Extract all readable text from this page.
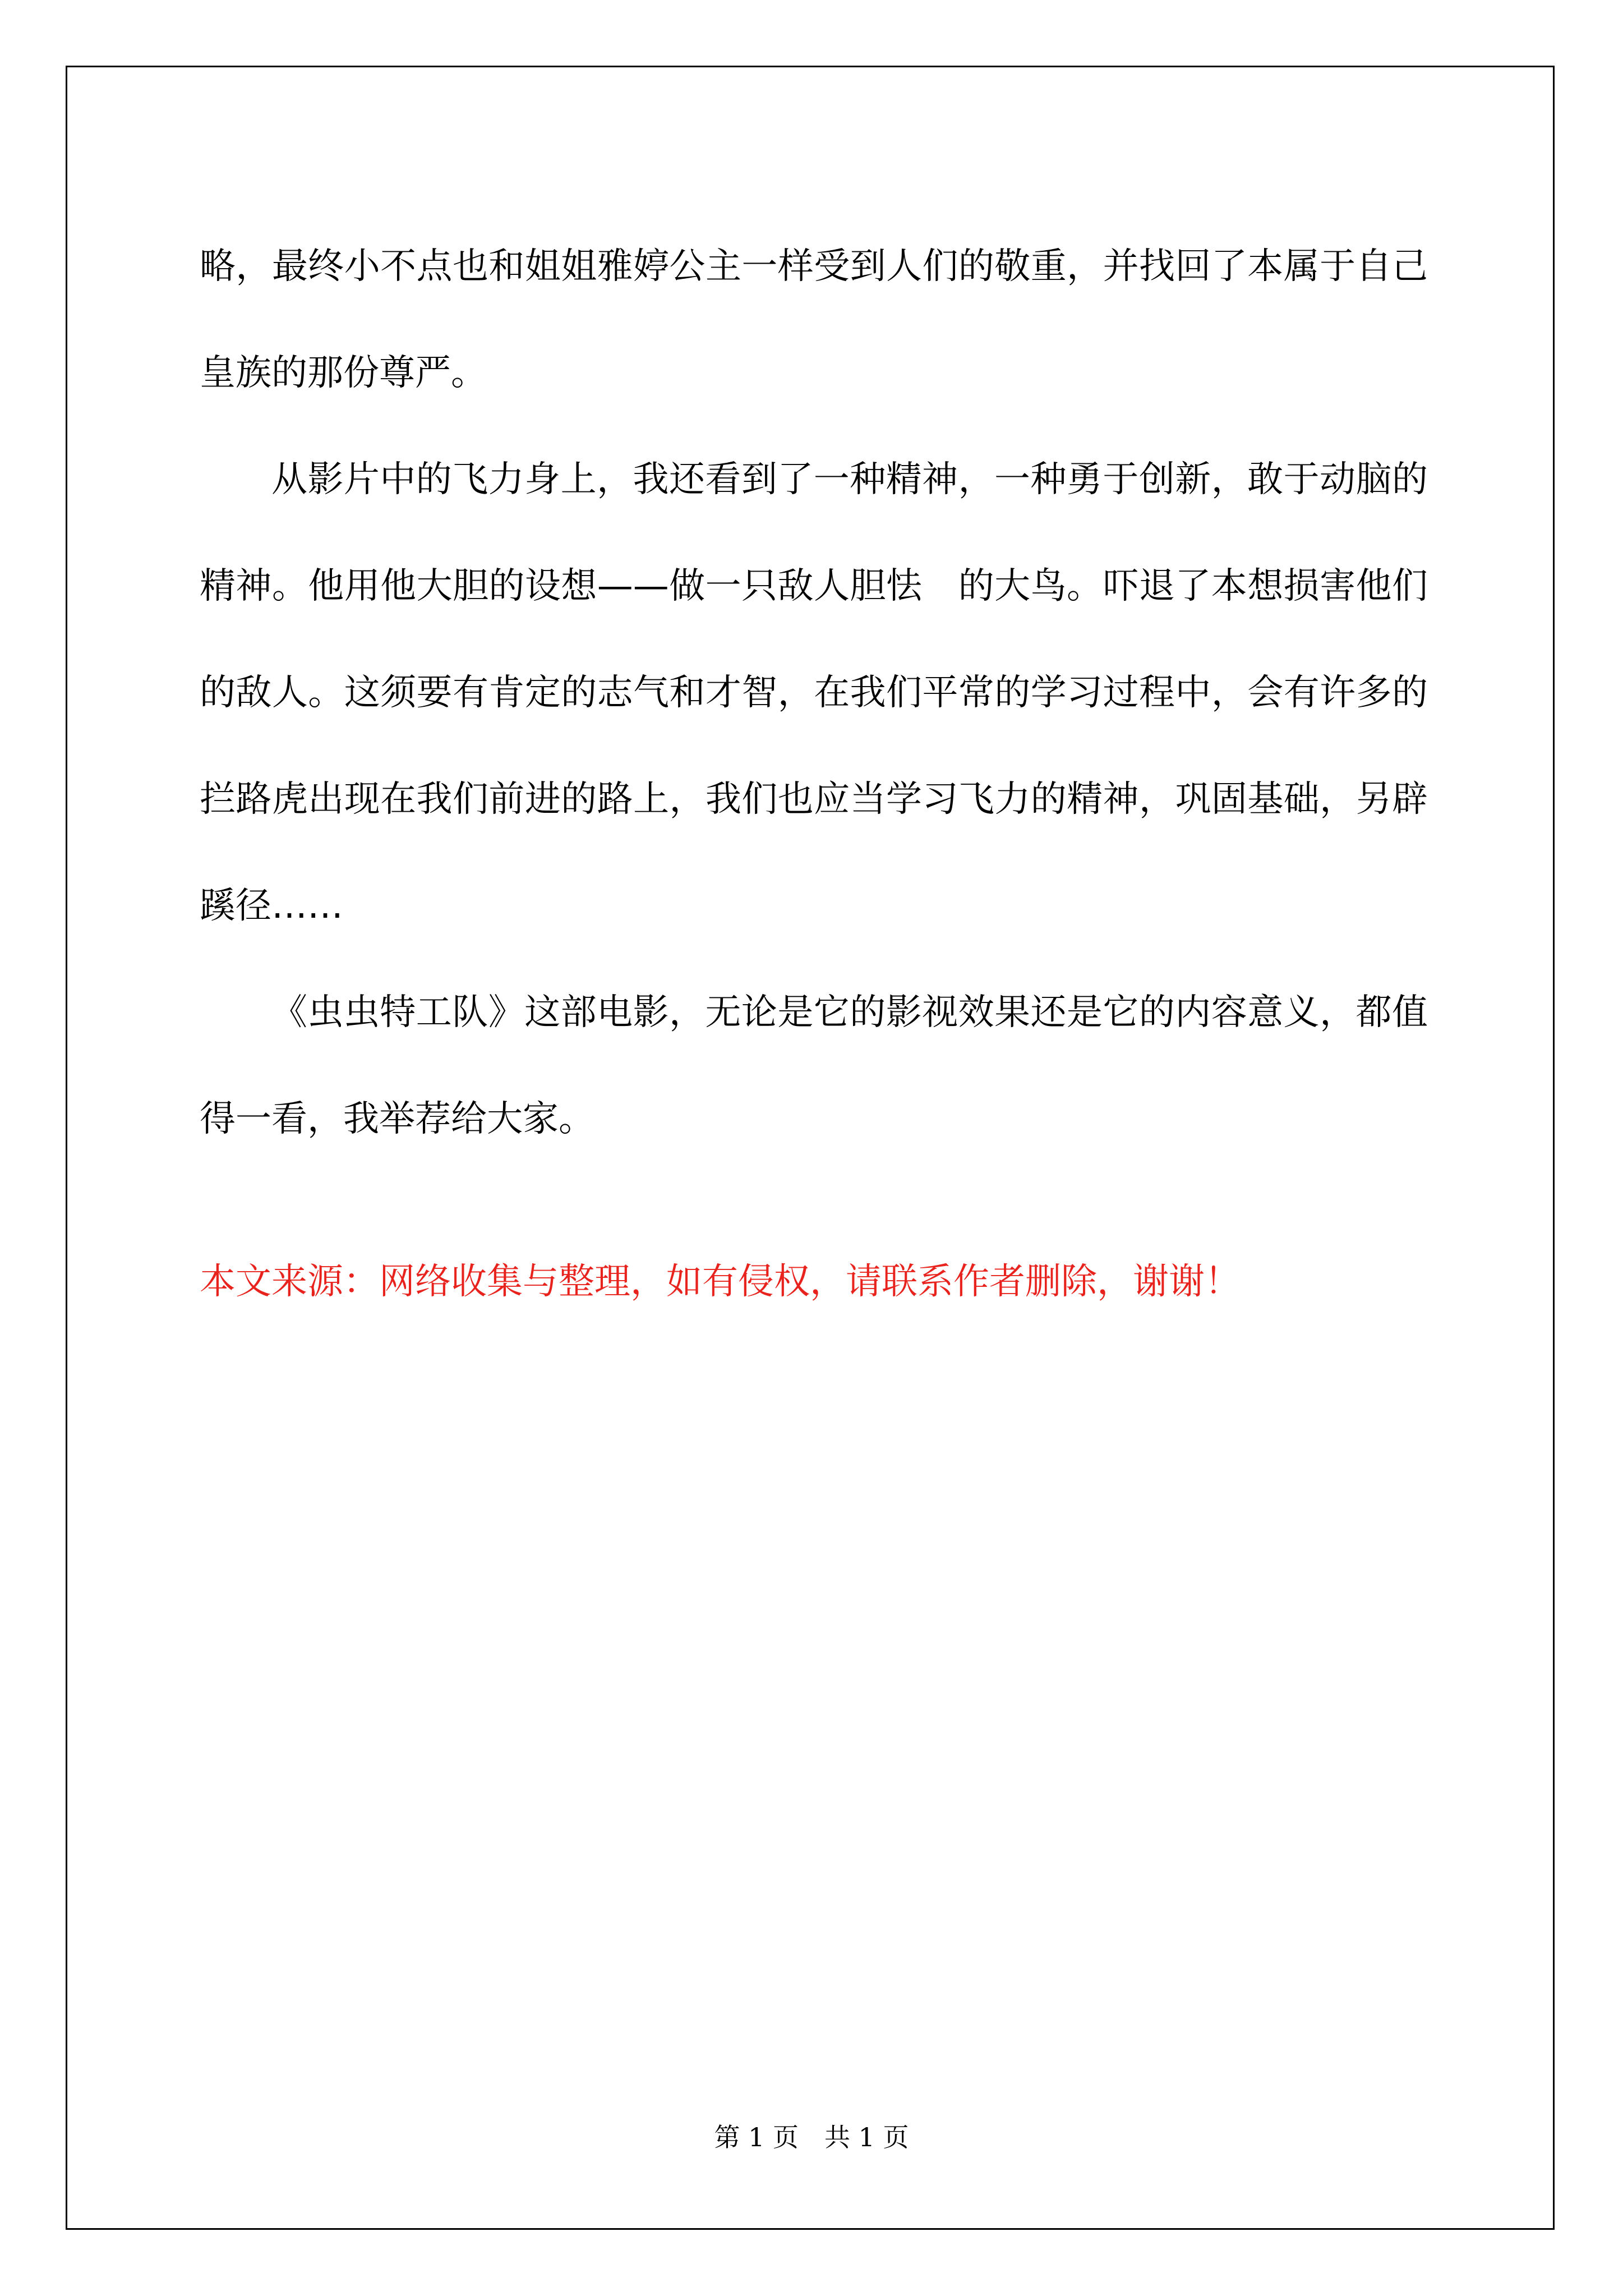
略，最终小不点也和姐姐雅婷公主一样受到人们的敬重，并找回了本属于自己皇族的那份尊严。

从影片中的飞力身上，我还看到了一种精神，一种勇于创新，敢于动脑的精神。他用他大胆的设想——做一只敌人胆怯　的大鸟。吓退了本想损害他们的敌人。这须要有肯定的志气和才智，在我们平常的学习过程中，会有许多的拦路虎出现在我们前进的路上，我们也应当学习飞力的精神，巩固基础，另辟蹊径……

《虫虫特工队》这部电影，无论是它的影视效果还是它的内容意义，都值得一看，我举荐给大家。

本文来源：网络收集与整理，如有侵权，请联系作者删除，谢谢！
第 1 页　共 1 页
